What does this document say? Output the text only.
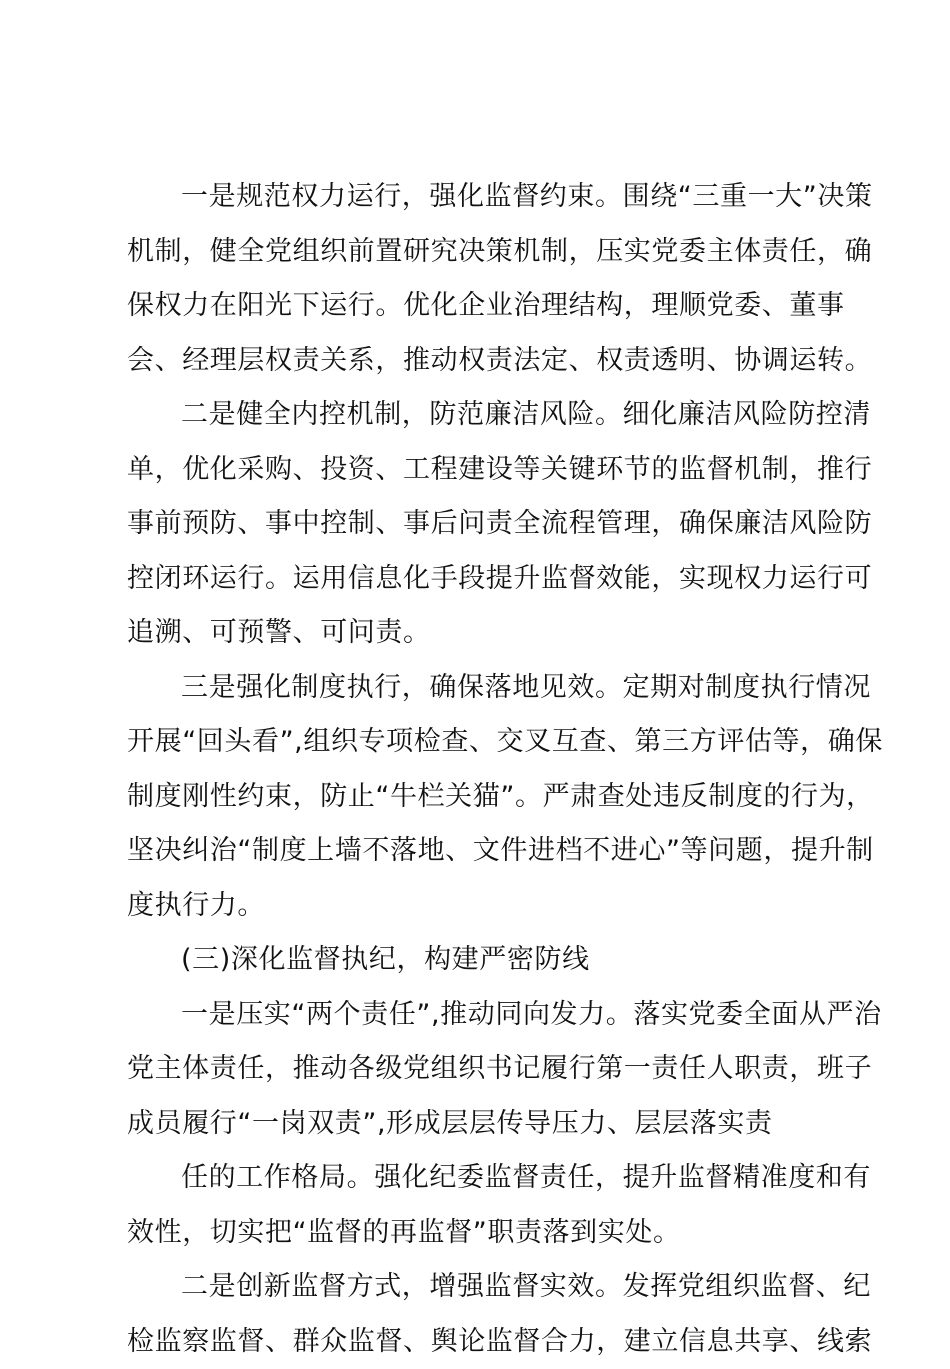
一是规范权力运行，强化监督约束。围绕“三重一大”决策
机制，健全党组织前置研究决策机制，压实党委主体责任，确
保权力在阳光下运行。优化企业治理结构，理顺党委、董事
会、经理层权责关系，推动权责法定、权责透明、协调运转。
二是健全内控机制，防范廉洁风险。细化廉洁风险防控清
单，优化采购、投资、工程建设等关键环节的监督机制，推行
事前预防、事中控制、事后问责全流程管理，确保廉洁风险防
控闭环运行。运用信息化手段提升监督效能，实现权力运行可
追溯、可预警、可问责。
三是强化制度执行，确保落地见效。定期对制度执行情况
开展“回头看”,组织专项检查、交叉互查、第三方评估等，确保
制度刚性约束，防止“牛栏关猫”。严肃查处违反制度的行为，
坚决纠治“制度上墙不落地、文件进档不进心”等问题，提升制
度执行力。
(三)深化监督执纪，构建严密防线
一是压实“两个责任”,推动同向发力。落实党委全面从严治
党主体责任，推动各级党组织书记履行第一责任人职责，班子
成员履行“一岗双责”,形成层层传导压力、层层落实责
任的工作格局。强化纪委监督责任，提升监督精准度和有
效性，切实把“监督的再监督”职责落到实处。
二是创新监督方式，增强监督实效。发挥党组织监督、纪
检监察监督、群众监督、舆论监督合力，建立信息共享、线索
